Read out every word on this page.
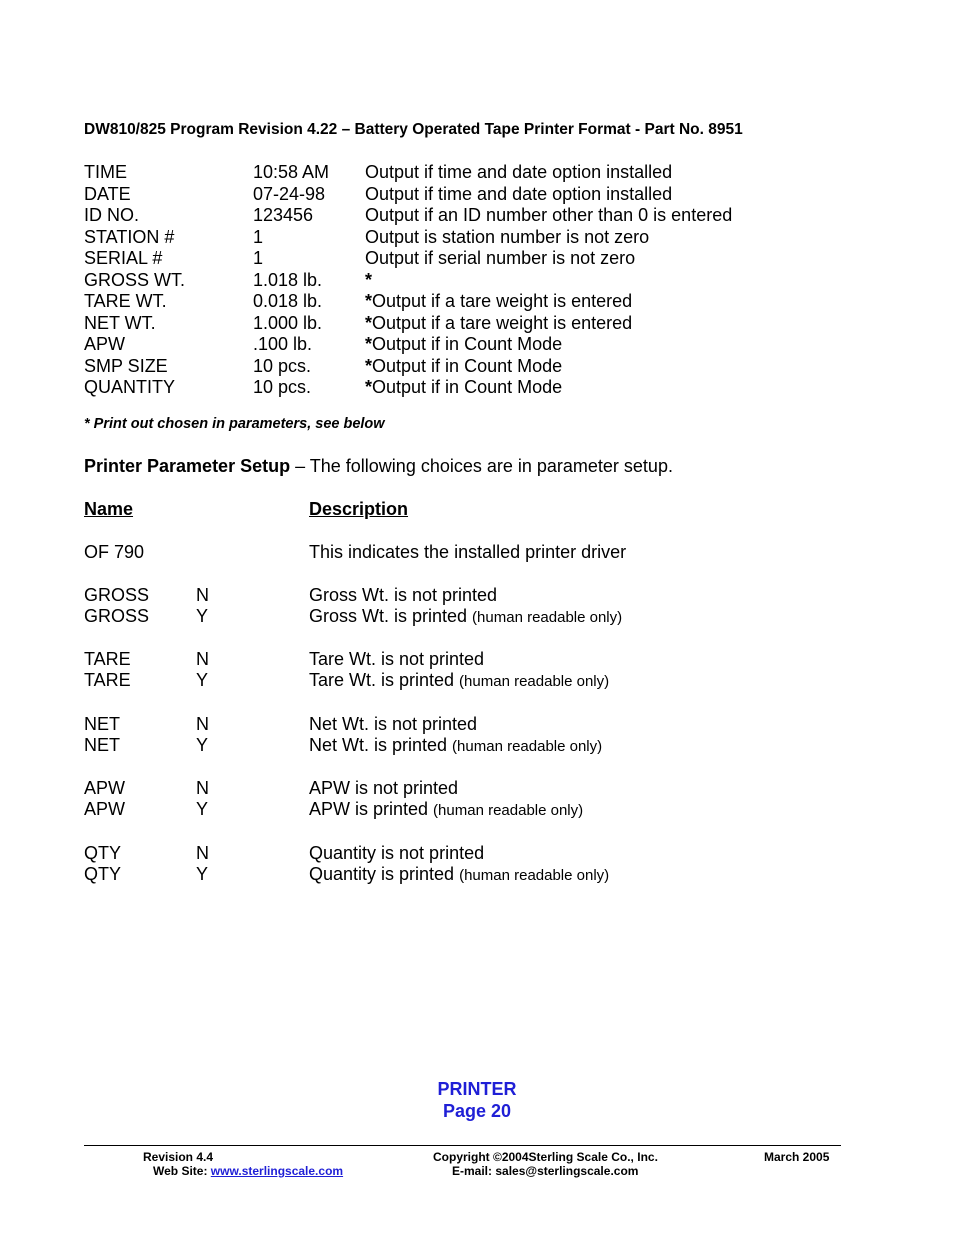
DW810/825 Program Revision 4.22 – Battery Operated Tape Printer Format - Part No. 8951
TIME	10:58 AM Output if time and date option installed
DATE	07-24-98 Output if time and date option installed
ID NO.	123456	Output if an ID number other than 0 is entered
STATION #	1	Output is station number is not zero
SERIAL #	1	Output if serial number is not zero
GROSS WT.	1.018 lb. *
TARE WT.	0.018 lb. *Output if a tare weight is entered
NET WT.	1.000 lb. *Output if a tare weight is entered
APW	.100 lb.	*Output if in Count Mode
SMP SIZE	10 pcs.	*Output if in Count Mode
QUANTITY	10 pcs.	*Output if in Count Mode
* Print out chosen in parameters, see below
Printer Parameter Setup – The following choices are in parameter setup.
Name	Description
OF 790	This indicates the installed printer driver
GROSS	N	Gross Wt. is not printed
GROSS	Y	Gross Wt. is printed (human readable only)
TARE	N	Tare Wt. is not printed
TARE	Y	Tare Wt. is printed (human readable only)
NET	N	Net Wt. is not printed
NET	Y	Net Wt. is printed (human readable only)
APW	N	APW is not printed
APW	Y	APW is printed (human readable only)
QTY	N	Quantity is not printed
QTY	Y	Quantity is printed (human readable only)
PRINTER
Page 20
Revision 4.4
Web Site: www.sterlingscale.com
Copyright ©2004Sterling Scale Co., Inc.
E-mail: sales@sterlingscale.com
March 2005
